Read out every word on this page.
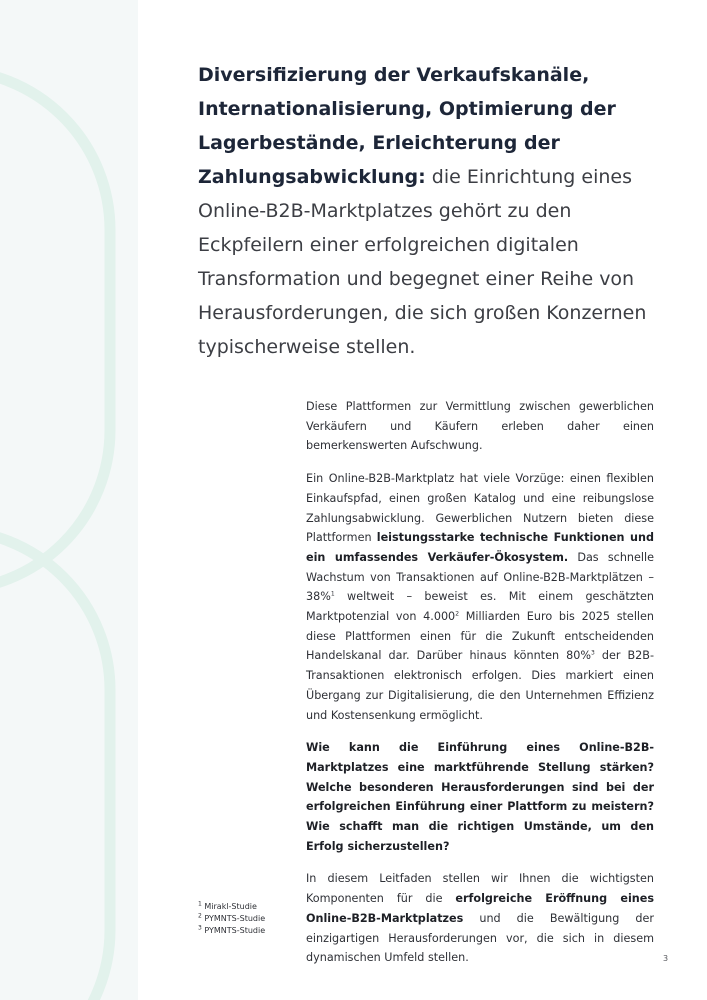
Diversifizierung der Verkaufskanäle, Internationalisierung, Optimierung der Lagerbestände, Erleichterung der Zahlungsabwicklung: die Einrichtung eines Online-B2B-Marktplatzes gehört zu den Eckpfeilern einer erfolgreichen digitalen Transformation und begegnet einer Reihe von Herausforderungen, die sich großen Konzernen typischerweise stellen.

Diese Plattformen zur Vermittlung zwischen gewerblichen Verkäufern und Käufern erleben daher einen bemerkenswerten Aufschwung.

Ein Online-B2B-Marktplatz hat viele Vorzüge: einen flexiblen Einkaufspfad, einen großen Katalog und eine reibungslose Zahlungsabwicklung. Gewerblichen Nutzern bieten diese Plattformen leistungsstarke technische Funktionen und ein umfassendes Verkäufer-Ökosystem. Das schnelle Wachstum von Transaktionen auf Online-B2B-Marktplätzen – 38%$^1$ weltweit – beweist es. Mit einem geschätzten Marktpotenzial von 4.000$^2$ Milliarden Euro bis 2025 stellen diese Plattformen einen für die Zukunft entscheidenden Handelskanal dar. Darüber hinaus könnten 80%$^3$ der B2B-Transaktionen elektronisch erfolgen. Dies markiert einen Übergang zur Digitalisierung, die den Unternehmen Effizienz und Kostensenkung ermöglicht.

Wie kann die Einführung eines Online-B2B-Marktplatzes eine marktführende Stellung stärken? Welche besonderen Herausforderungen sind bei der erfolgreichen Einführung einer Plattform zu meistern? Wie schafft man die richtigen Umstände, um den Erfolg sicherzustellen?

In diesem Leitfaden stellen wir Ihnen die wichtigsten Komponenten für die erfolgreiche Eröffnung eines Online-B2B-Marktplatzes und die Bewältigung der einzigartigen Herausforderungen vor, die sich in diesem dynamischen Umfeld stellen.

$^1$ Mirakl-Studie
$^2$ PYMNTS-Studie
$^3$ PYMNTS-Studie
3
